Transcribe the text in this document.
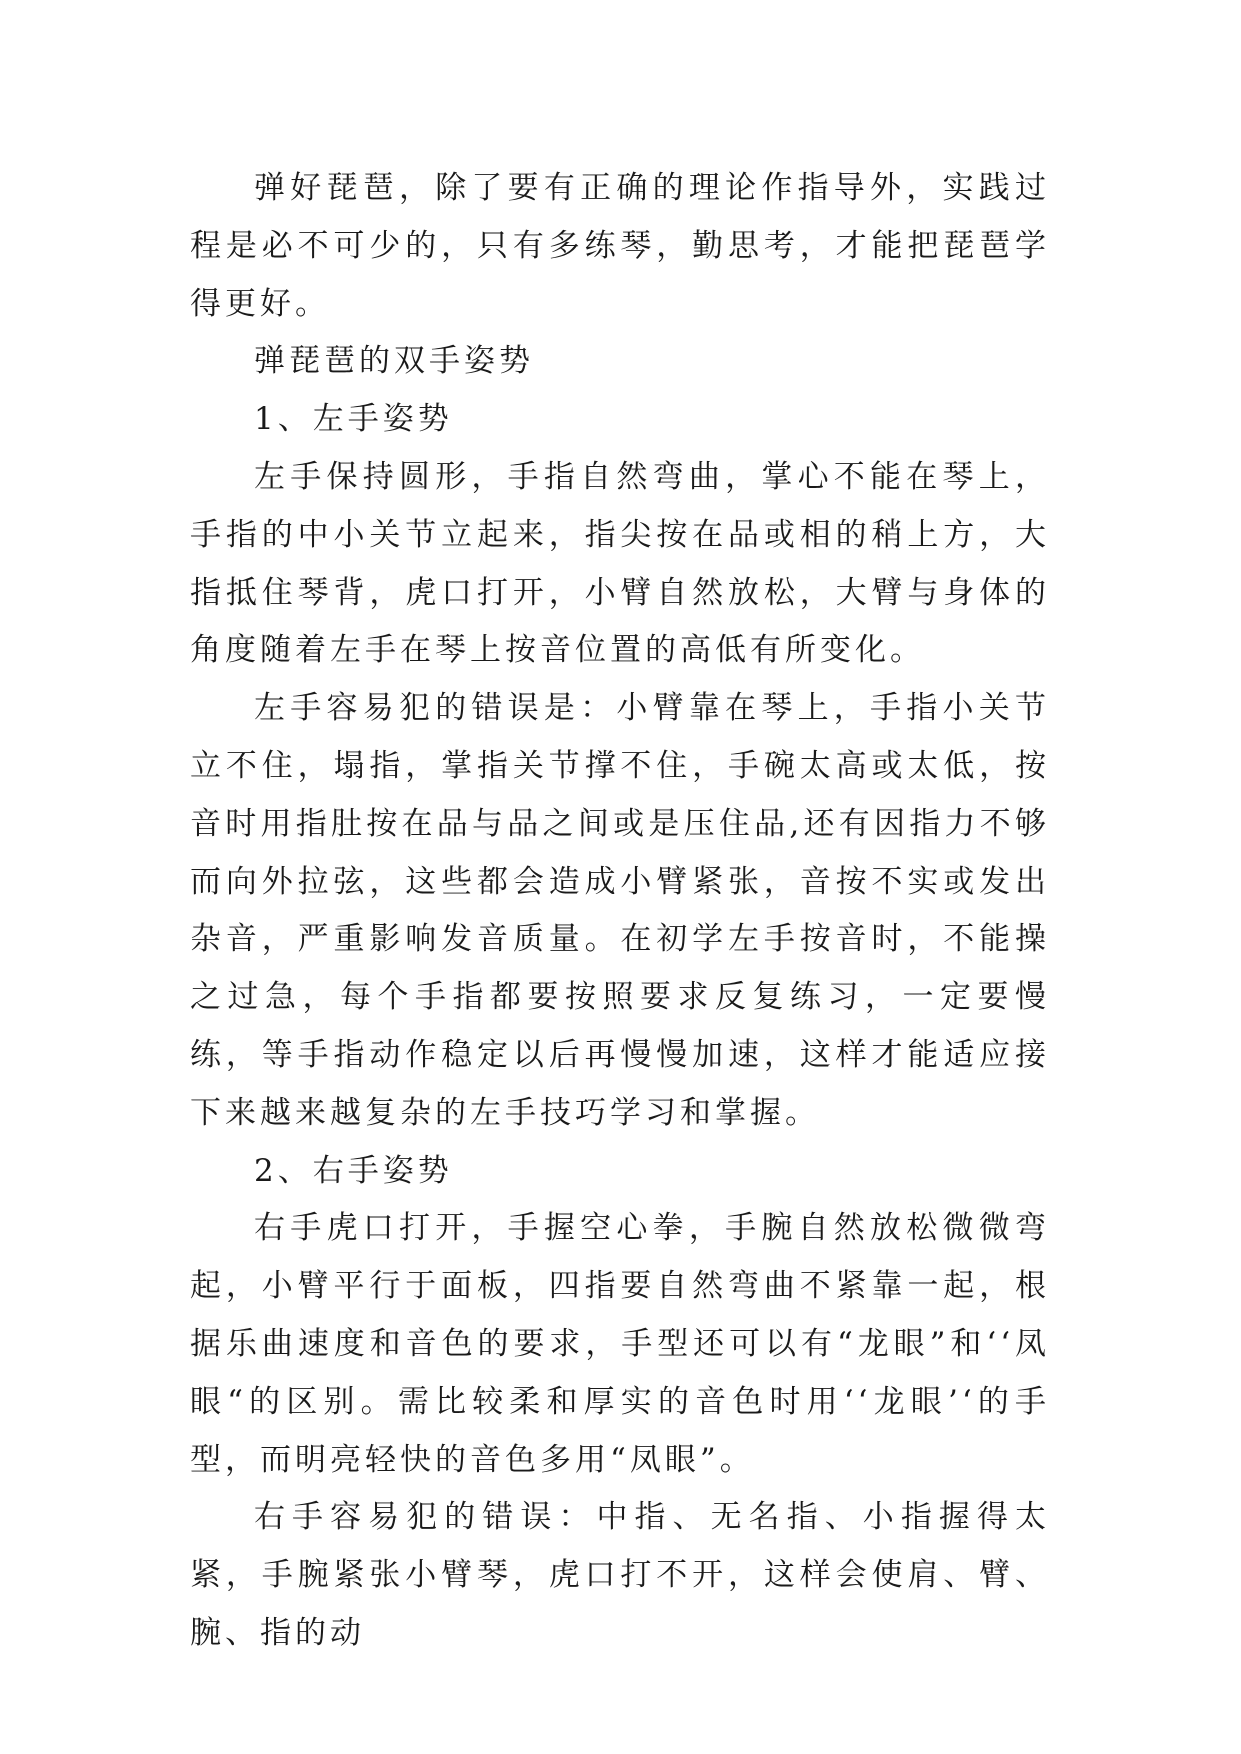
弹好琵琶，除了要有正确的理论作指导外，实践过程是必不可少的，只有多练琴，勤思考，才能把琵琶学得更好。

弹琵琶的双手姿势

1、左手姿势

左手保持圆形，手指自然弯曲，掌心不能在琴上，手指的中小关节立起来，指尖按在品或相的稍上方，大指抵住琴背，虎口打开，小臂自然放松，大臂与身体的角度随着左手在琴上按音位置的高低有所变化。

左手容易犯的错误是：小臂靠在琴上，手指小关节立不住，塌指，掌指关节撑不住，手碗太高或太低，按音时用指肚按在品与品之间或是压住品,还有因指力不够而向外拉弦，这些都会造成小臂紧张，音按不实或发出杂音，严重影响发音质量。在初学左手按音时，不能操之过急，每个手指都要按照要求反复练习，一定要慢练，等手指动作稳定以后再慢慢加速，这样才能适应接下来越来越复杂的左手技巧学习和掌握。

2、右手姿势

右手虎口打开，手握空心拳，手腕自然放松微微弯起，小臂平行于面板，四指要自然弯曲不紧靠一起，根据乐曲速度和音色的要求，手型还可以有“龙眼”和‘‘凤眼“的区别。需比较柔和厚实的音色时用‘‘龙眼’‘的手型，而明亮轻快的音色多用“凤眼”。

右手容易犯的错误：中指、无名指、小指握得太紧，手腕紧张小臂琴，虎口打不开，这样会使肩、臂、腕、指的动
